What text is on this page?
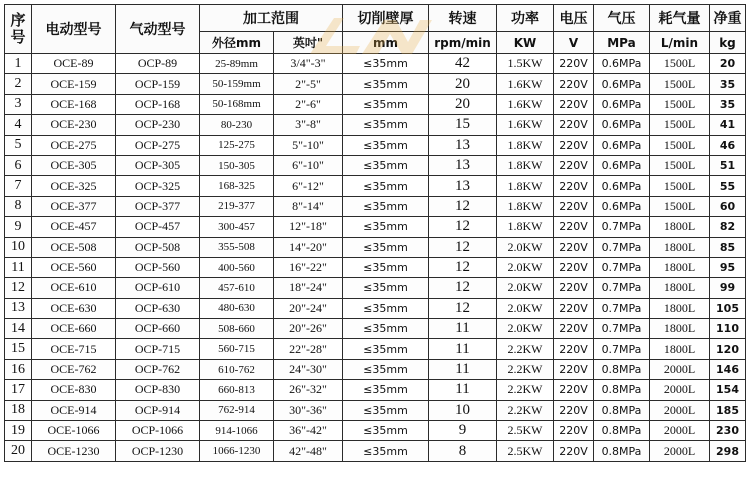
序号	电动型号	气动型号	加工范围		切削壁厚	转速	功率	电压	气压	耗气量	净重
			外径mm	英吋"	mm	rpm/min	KW	V	MPa	L/min	kg
1	OCE-89	OCP-89	25-89mm	3/4"-3"	≤35mm	42	1.5KW	220V	0.6MPa	1500L	20
2	OCE-159	OCP-159	50-159mm	2"-5"	≤35mm	20	1.6KW	220V	0.6MPa	1500L	35
3	OCE-168	OCP-168	50-168mm	2"-6"	≤35mm	20	1.6KW	220V	0.6MPa	1500L	35
4	OCE-230	OCP-230	80-230	3"-8"	≤35mm	15	1.6KW	220V	0.6MPa	1500L	41
5	OCE-275	OCP-275	125-275	5"-10"	≤35mm	13	1.8KW	220V	0.6MPa	1500L	46
6	OCE-305	OCP-305	150-305	6"-10"	≤35mm	13	1.8KW	220V	0.6MPa	1500L	51
7	OCE-325	OCP-325	168-325	6"-12"	≤35mm	13	1.8KW	220V	0.6MPa	1500L	55
8	OCE-377	OCP-377	219-377	8"-14"	≤35mm	12	1.8KW	220V	0.6MPa	1500L	60
9	OCE-457	OCP-457	300-457	12"-18"	≤35mm	12	1.8KW	220V	0.7MPa	1800L	82
10	OCE-508	OCP-508	355-508	14"-20"	≤35mm	12	2.0KW	220V	0.7MPa	1800L	85
11	OCE-560	OCP-560	400-560	16"-22"	≤35mm	12	2.0KW	220V	0.7MPa	1800L	95
12	OCE-610	OCP-610	457-610	18"-24"	≤35mm	12	2.0KW	220V	0.7MPa	1800L	99
13	OCE-630	OCP-630	480-630	20"-24"	≤35mm	12	2.0KW	220V	0.7MPa	1800L	105
14	OCE-660	OCP-660	508-660	20"-26"	≤35mm	11	2.0KW	220V	0.7MPa	1800L	110
15	OCE-715	OCP-715	560-715	22"-28"	≤35mm	11	2.2KW	220V	0.7MPa	1800L	120
16	OCE-762	OCP-762	610-762	24"-30"	≤35mm	11	2.2KW	220V	0.8MPa	2000L	146
17	OCE-830	OCP-830	660-813	26"-32"	≤35mm	11	2.2KW	220V	0.8MPa	2000L	154
18	OCE-914	OCP-914	762-914	30"-36"	≤35mm	10	2.2KW	220V	0.8MPa	2000L	185
19	OCE-1066	OCP-1066	914-1066	36"-42"	≤35mm	9	2.5KW	220V	0.8MPa	2000L	230
20	OCE-1230	OCP-1230	1066-1230	42"-48"	≤35mm	8	2.5KW	220V	0.8MPa	2000L	298
